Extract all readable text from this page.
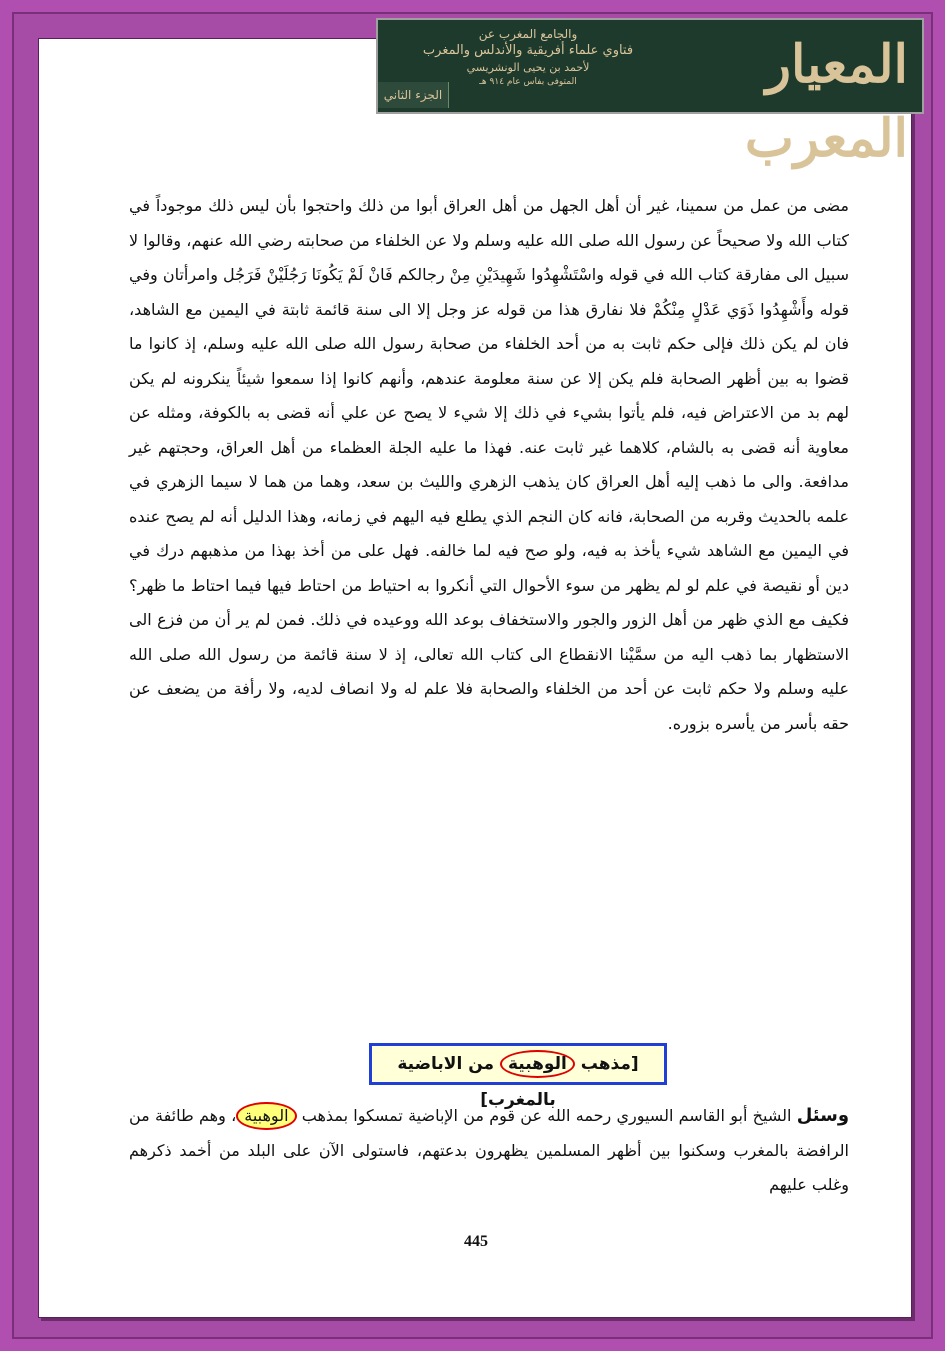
مضى من عمل من سمينا، غير أن أهل الجهل من أهل العراق أبوا من ذلك واحتجوا بأن ليس ذلك موجوداً في كتاب الله ولا صحيحاً عن رسول الله صلى الله عليه وسلم ولا عن الخلفاء من صحابته رضي الله عنهم، وقالوا لا سبيل الى مفارقة كتاب الله في قوله واسْتَشْهِدُوا شَهِيدَيْنِ مِنْ رجالكم فَانْ لَمْ يَكُونَا رَجُلَيْنْ فَرَجُل وامرأتان وفي قوله وأَشْهِدُوا ذَوَي عَدْلٍ مِنْكُمْ فلا نفارق هذا من قوله عز وجل إلا الى سنة قائمة ثابتة في اليمين مع الشاهد، فان لم يكن ذلك فإلى حكم ثابت به من أحد الخلفاء من صحابة رسول الله صلى الله عليه وسلم، إذ كانوا ما قضوا به بين أظهر الصحابة فلم يكن إلا عن سنة معلومة عندهم، وأنهم كانوا إذا سمعوا شيئاً ينكرونه لم يكن لهم بد من الاعتراض فيه، فلم يأتوا بشيء في ذلك إلا شيء لا يصح عن علي أنه قضى به بالكوفة، ومثله عن معاوية أنه قضى به بالشام، كلاهما غير ثابت عنه. فهذا ما عليه الجلة العظماء من أهل العراق، وحجتهم غير مدافعة. والى ما ذهب إليه أهل العراق كان يذهب الزهري والليث بن سعد، وهما من هما لا سيما الزهري في علمه بالحديث وقربه من الصحابة، فانه كان النجم الذي يطلع فيه اليهم في زمانه، وهذا الدليل أنه لم يصح عنده في اليمين مع الشاهد شيء يأخذ به فيه، ولو صح فيه لما خالفه. فهل على من أخذ بهذا من مذهبهم درك في دين أو نقيصة في علم لو لم يظهر من سوء الأحوال التي أنكروا به احتياط من احتاط فيها فيما احتاط ما ظهر؟ فكيف مع الذي ظهر من أهل الزور والجور والاستخفاف بوعد الله ووعيده في ذلك. فمن لم ير أن من فزع الى الاستظهار بما ذهب اليه من سمَّيْنا الانقطاع الى كتاب الله تعالى، إذ لا سنة قائمة من رسول الله صلى الله عليه وسلم ولا حكم ثابت عن أحد من الخلفاء والصحابة فلا علم له ولا انصاف لديه، ولا رأفة من يضعف عن حقه بأسر من يأسره بزوره.

[مذهب الوهبية من الاباضية بالمغرب]

وسئل الشيخ أبو القاسم السيوري رحمه الله عن قوم من الإباضية تمسكوا بمذهب الوهبية، وهم طائفة من الرافضة بالمغرب وسكنوا بين أظهر المسلمين يظهرون بدعتهم، فاستولى الآن على البلد من أخمد ذكرهم وغلب عليهم

445
المعيار المعرب
والجامع المغرب عن
فتاوي علماء أفريقية والأندلس والمغرب
لأحمد بن يحيى الونشريسي
المتوفى بفاس عام ٩١٤ هـ
الجزء الثاني
